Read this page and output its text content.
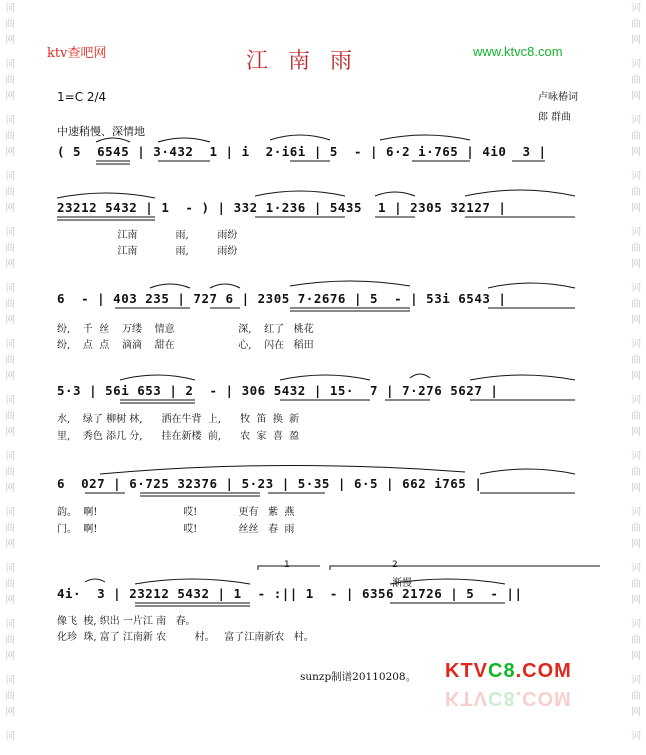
词
曲
网
词
曲
网
词
曲
网
词
曲
网
词
曲
网
词
曲
网
词
曲
网
词
曲
网
词
曲
网
词
曲
网
词
曲
网
词
曲
网
词
曲
网
词
词
曲
网
词
曲
网
词
曲
网
词
曲
网
词
曲
网
词
曲
网
词
曲
网
词
曲
网
词
曲
网
词
曲
网
词
曲
网
词
曲
网
词
曲
网
词
ktv查吧网	江南雨	www.ktvc8.com
1=C 2/4	卢咏椿词
郎 群曲
中速稍慢、深情地
( 5  6545 | 3·432  1 | i  2·i6i | 5  - | 6·2 i·765 | 4i0  3 |
23212 5432 | 1  - ) | 332 1·236 | 5435  1 | 2305 32127 |
江南            雨,         雨纷
江南            雨,         雨纷
6  - | 403 235 | 727 6 | 2305 7·2676 | 5  - | 53i 6543 |
纷,    千  丝    万缕    情意                    深,    红了   桃花
纷,    点  点    滴滴    甜在                    心,    闪在   稻田
5·3 | 56i 653 | 2  - | 306 5432 | 15·  7 | 7·276 5627 |
水,    绿了 柳树 林,      洒在牛背  上,      牧  笛  换  新
里,    秀色 添几 分,      挂在新楼  前,      农  家  喜  盈
6  027 | 6·725 32376 | 5·23 | 5·35 | 6·5 | 662 i765 |
韵。  啊!                           哎!             更有   紫  燕
门。  啊!                           哎!             丝丝   春  雨
1	2
渐慢
4i·  3 | 23212 5432 | 1  - :|| 1  - | 6356 21726 | 5  - ||
像飞  梭, 织出 一片江 南   春。
化珍  珠, 富了 江南新 农         村。   富了江南新农   村。
sunzp制谱20110208。 KTVC8.COM
KTVC8.COM
